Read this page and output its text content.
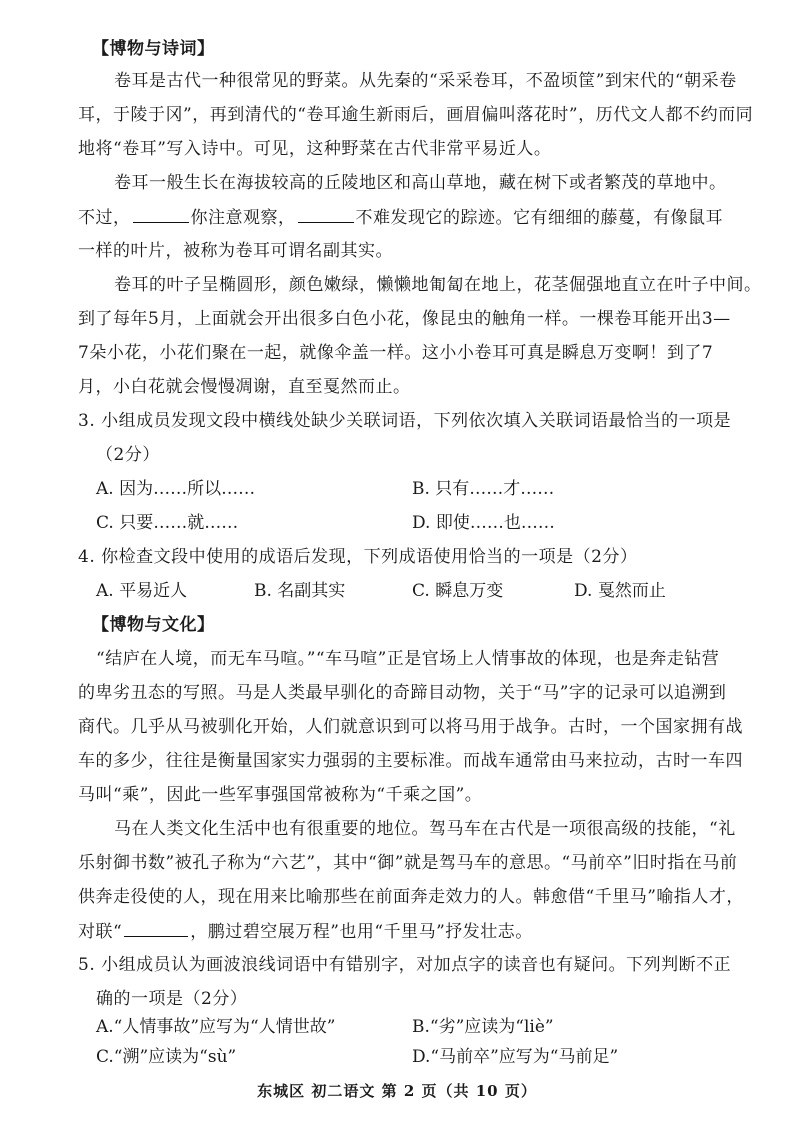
【博物与诗词】
卷耳是古代一种很常见的野菜。从先秦的“采采卷耳，不盈顷筐”到宋代的“朝采卷
耳，于陵于冈”，再到清代的“卷耳逾生新雨后，画眉偏叫落花时”，历代文人都不约而同
地将“卷耳”写入诗中。可见，这种野菜在古代非常平易近人。
卷耳一般生长在海拔较高的丘陵地区和高山草地，藏在树下或者繁茂的草地中。
不过，	你注意观察，	不难发现它的踪迹。它有细细的藤蔓，有像鼠耳
一样的叶片，被称为卷耳可谓名副其实。
卷耳的叶子呈椭圆形，颜色嫩绿，懒懒地匍匐在地上，花茎倔强地直立在叶子中间。
到了每年5月，上面就会开出很多白色小花，像昆虫的触角一样。一棵卷耳能开出3—
7朵小花，小花们聚在一起，就像伞盖一样。这小小卷耳可真是瞬息万变啊！到了7
月，小白花就会慢慢凋谢，直至戛然而止。
3. 小组成员发现文段中横线处缺少关联词语，下列依次填入关联词语最恰当的一项是
（2分）
A. 因为……所以……	B. 只有……才……
C. 只要……就……	D. 即使……也……
4. 你检查文段中使用的成语后发现，下列成语使用恰当的一项是（2分）
A. 平易近人	B. 名副其实	C. 瞬息万变	D. 戛然而止
【博物与文化】
“结庐在人境，而无车马喧。”“车马喧”正是官场上人情事故的体现，也是奔走钻营
的卑劣丑态的写照。马是人类最早驯化的奇蹄目动物，关于“马”字的记录可以追溯到
商代。几乎从马被驯化开始，人们就意识到可以将马用于战争。古时，一个国家拥有战
车的多少，往往是衡量国家实力强弱的主要标准。而战车通常由马来拉动，古时一车四
马叫“乘”，因此一些军事强国常被称为“千乘之国”。
马在人类文化生活中也有很重要的地位。驾马车在古代是一项很高级的技能，“礼
乐射御书数”被孔子称为“六艺”，其中“御”就是驾马车的意思。“马前卒”旧时指在马前
供奔走役使的人，现在用来比喻那些在前面奔走效力的人。韩愈借“千里马”喻指人才，
对联“	，鹏过碧空展万程”也用“千里马”抒发壮志。
5. 小组成员认为画波浪线词语中有错别字，对加点字的读音也有疑问。下列判断不正
确的一项是（2分）
A.“人情事故”应写为“人情世故”	B.“劣”应读为“liè”
C.“溯”应读为“sù”	D.“马前卒”应写为“马前足”
东城区 初二语文 第 2 页（共 10 页）
